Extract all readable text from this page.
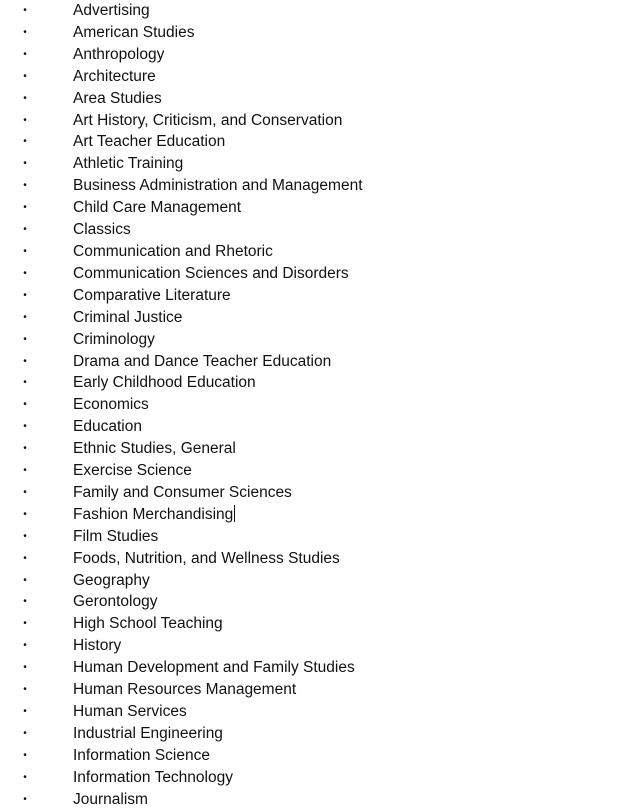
•	Advertising
•	American Studies
•	Anthropology
•	Architecture
•	Area Studies
•	Art History, Criticism, and Conservation
•	Art Teacher Education
•	Athletic Training
•	Business Administration and Management
•	Child Care Management
•	Classics
•	Communication and Rhetoric
•	Communication Sciences and Disorders
•	Comparative Literature
•	Criminal Justice
•	Criminology
•	Drama and Dance Teacher Education
•	Early Childhood Education
•	Economics
•	Education
•	Ethnic Studies, General
•	Exercise Science
•	Family and Consumer Sciences
•	Fashion Merchandising
•	Film Studies
•	Foods, Nutrition, and Wellness Studies
•	Geography
•	Gerontology
•	High School Teaching
•	History
•	Human Development and Family Studies
•	Human Resources Management
•	Human Services
•	Industrial Engineering
•	Information Science
•	Information Technology
•	Journalism
